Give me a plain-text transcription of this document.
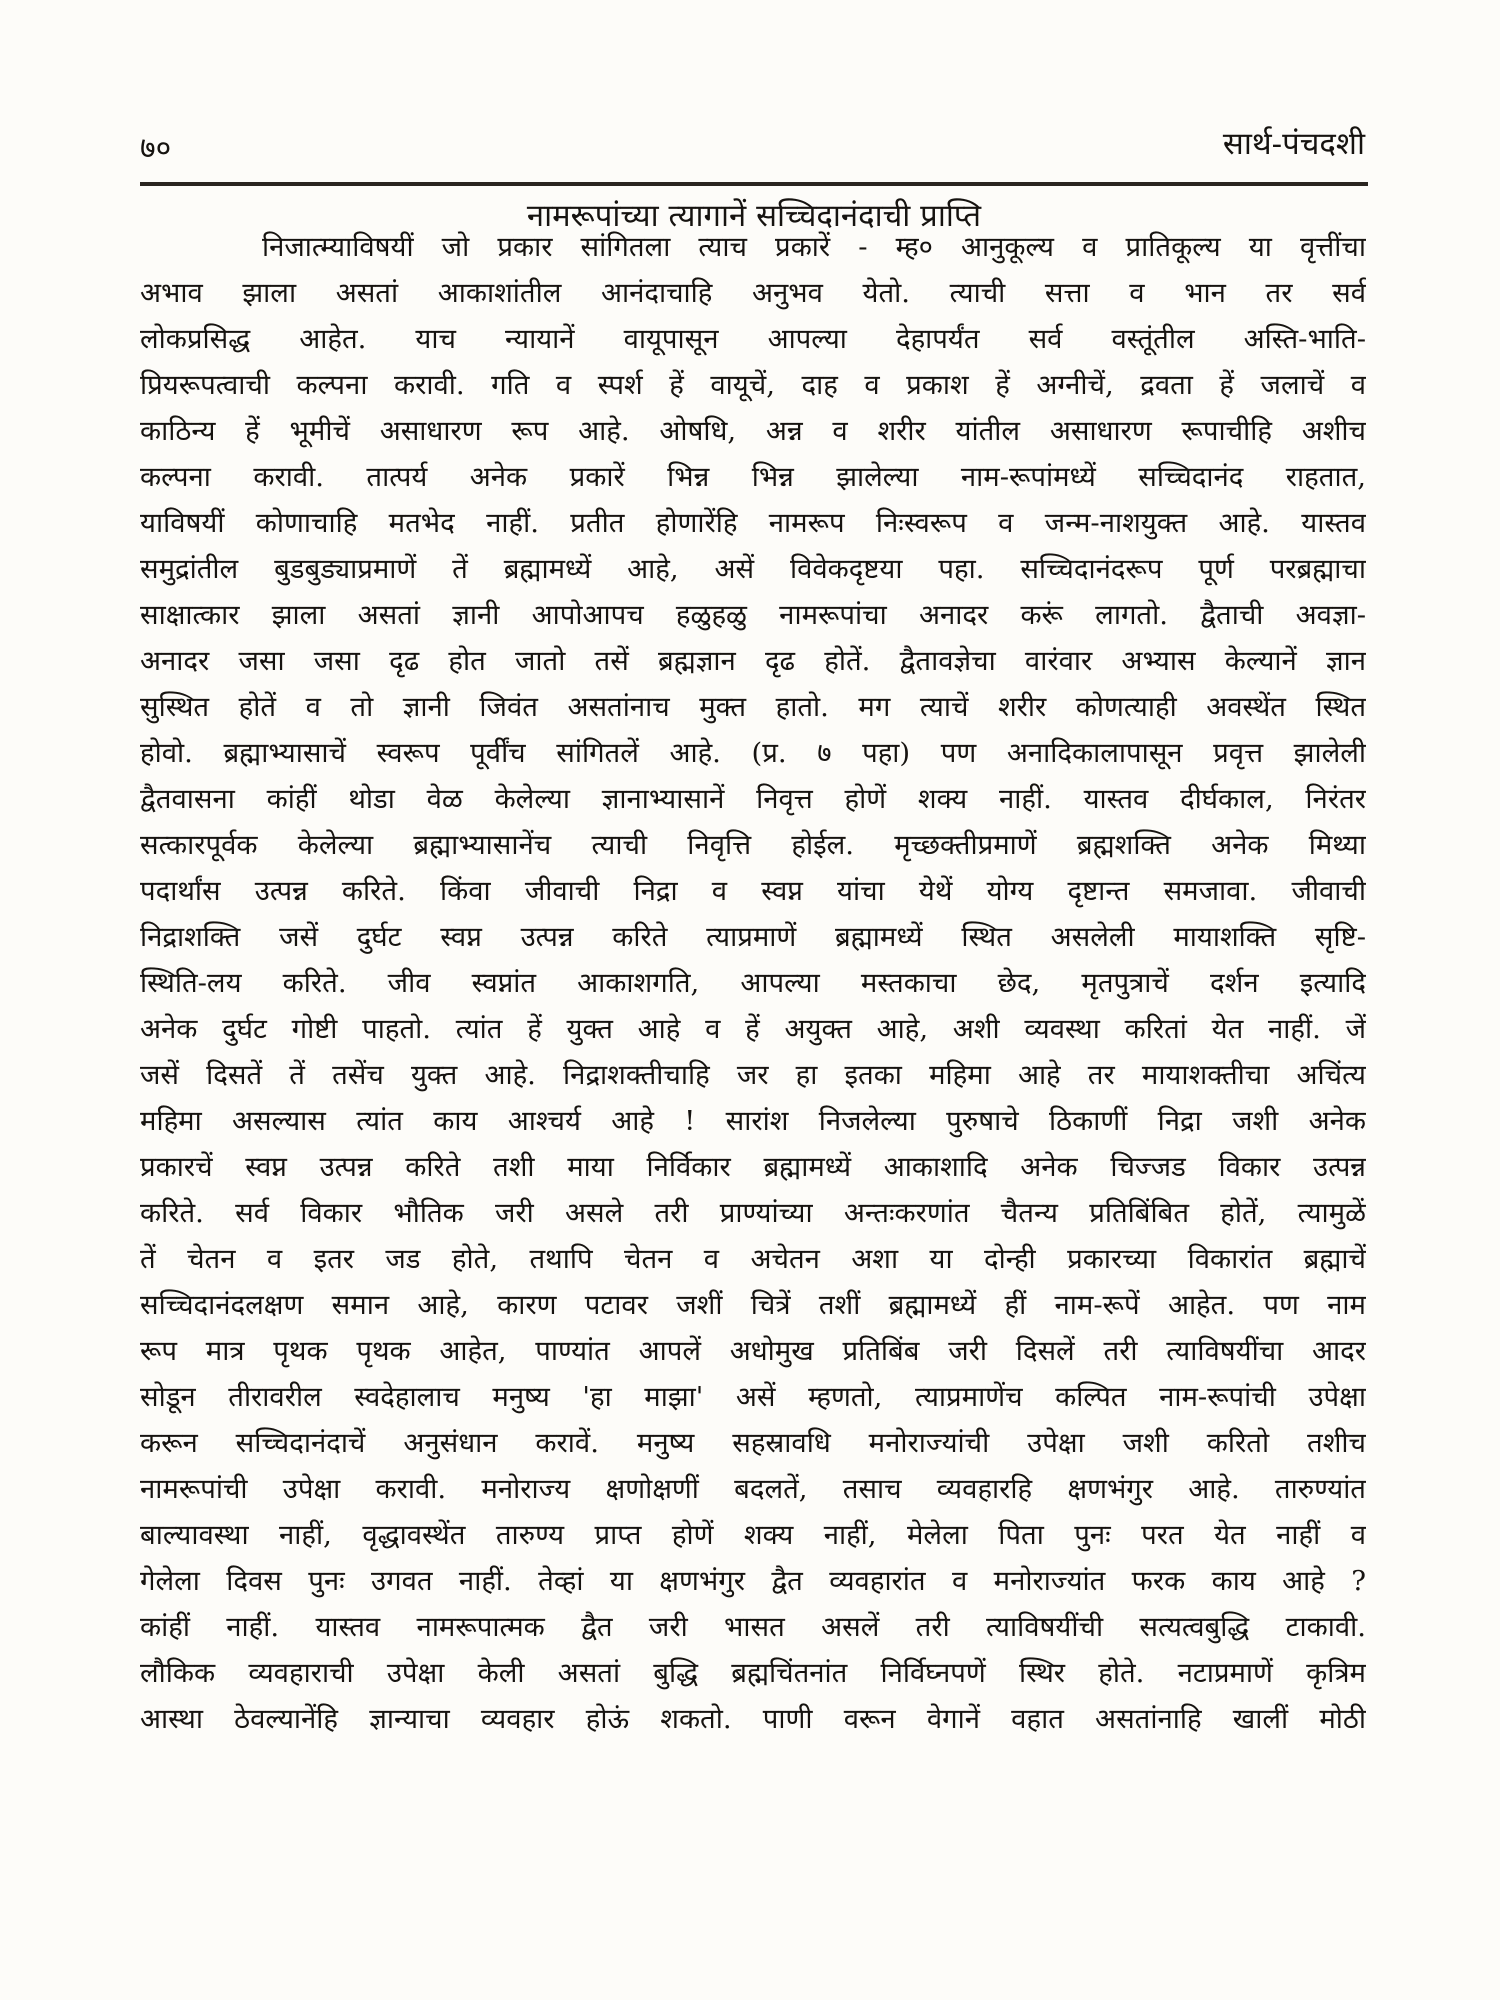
७०	सार्थ-पंचदशी
नामरूपांच्या त्यागानें सच्चिदानंदाची प्राप्ति
निजात्म्याविषयीं जो प्रकार सांगितला त्याच प्रकारें - म्ह० आनुकूल्य व प्रातिकूल्य या वृत्तींचा
अभाव झाला असतां आकाशांतील आनंदाचाहि अनुभव येतो. त्याची सत्ता व भान तर सर्व
लोकप्रसिद्ध आहेत. याच न्यायानें वायूपासून आपल्या देहापर्यंत सर्व वस्तूंतील अस्ति-भाति-
प्रियरूपत्वाची कल्पना करावी. गति व स्पर्श हें वायूचें, दाह व प्रकाश हें अग्नीचें, द्रवता हें जलाचें व
काठिन्य हें भूमीचें असाधारण रूप आहे. ओषधि, अन्न व शरीर यांतील असाधारण रूपाचीहि अशीच
कल्पना करावी. तात्पर्य अनेक प्रकारें भिन्न भिन्न झालेल्या नाम-रूपांमध्यें सच्चिदानंद राहतात,
याविषयीं कोणाचाहि मतभेद नाहीं. प्रतीत होणारेंहि नामरूप निःस्वरूप व जन्म-नाशयुक्त आहे. यास्तव
समुद्रांतील बुडबुड्याप्रमाणें तें ब्रह्मामध्यें आहे, असें विवेकदृष्टया पहा. सच्चिदानंदरूप पूर्ण परब्रह्माचा
साक्षात्कार झाला असतां ज्ञानी आपोआपच हळुहळु नामरूपांचा अनादर करूं लागतो. द्वैताची अवज्ञा-
अनादर जसा जसा दृढ होत जातो तसें ब्रह्मज्ञान दृढ होतें. द्वैतावज्ञेचा वारंवार अभ्यास केल्यानें ज्ञान
सुस्थित होतें व तो ज्ञानी जिवंत असतांनाच मुक्त हातो. मग त्याचें शरीर कोणत्याही अवस्थेंत स्थित
होवो. ब्रह्माभ्यासाचें स्वरूप पूर्वींच सांगितलें आहे. (प्र. ७ पहा) पण अनादिकालापासून प्रवृत्त झालेली
द्वैतवासना कांहीं थोडा वेळ केलेल्या ज्ञानाभ्यासानें निवृत्त होणें शक्य नाहीं. यास्तव दीर्घकाल, निरंतर
सत्कारपूर्वक केलेल्या ब्रह्माभ्यासानेंच त्याची निवृत्ति होईल. मृच्छक्तीप्रमाणें ब्रह्मशक्ति अनेक मिथ्या
पदार्थांस उत्पन्न करिते. किंवा जीवाची निद्रा व स्वप्न यांचा येथें योग्य दृष्टान्त समजावा. जीवाची
निद्राशक्ति जसें दुर्घट स्वप्न उत्पन्न करिते त्याप्रमाणें ब्रह्मामध्यें स्थित असलेली मायाशक्ति सृष्टि-
स्थिति-लय करिते. जीव स्वप्नांत आकाशगति, आपल्या मस्तकाचा छेद, मृतपुत्राचें दर्शन इत्यादि
अनेक दुर्घट गोष्टी पाहतो. त्यांत हें युक्त आहे व हें अयुक्त आहे, अशी व्यवस्था करितां येत नाहीं. जें
जसें दिसतें तें तसेंच युक्त आहे. निद्राशक्तीचाहि जर हा इतका महिमा आहे तर मायाशक्तीचा अचिंत्य
महिमा असल्यास त्यांत काय आश्चर्य आहे ! सारांश निजलेल्या पुरुषाचे ठिकाणीं निद्रा जशी अनेक
प्रकारचें स्वप्न उत्पन्न करिते तशी माया निर्विकार ब्रह्मामध्यें आकाशादि अनेक चिज्जड विकार उत्पन्न
करिते. सर्व विकार भौतिक जरी असले तरी प्राण्यांच्या अन्तःकरणांत चैतन्य प्रतिबिंबित होतें, त्यामुळें
तें चेतन व इतर जड होते, तथापि चेतन व अचेतन अशा या दोन्ही प्रकारच्या विकारांत ब्रह्माचें
सच्चिदानंदलक्षण समान आहे, कारण पटावर जशीं चित्रें तशीं ब्रह्मामध्यें हीं नाम-रूपें आहेत. पण नाम
रूप मात्र पृथक पृथक आहेत, पाण्यांत आपलें अधोमुख प्रतिबिंब जरी दिसलें तरी त्याविषयींचा आदर
सोडून तीरावरील स्वदेहालाच मनुष्य 'हा माझा' असें म्हणतो, त्याप्रमाणेंच कल्पित नाम-रूपांची उपेक्षा
करून सच्चिदानंदाचें अनुसंधान करावें. मनुष्य सहस्रावधि मनोराज्यांची उपेक्षा जशी करितो तशीच
नामरूपांची उपेक्षा करावी. मनोराज्य क्षणोक्षणीं बदलतें, तसाच व्यवहारहि क्षणभंगुर आहे. तारुण्यांत
बाल्यावस्था नाहीं, वृद्धावस्थेंत तारुण्य प्राप्त होणें शक्य नाहीं, मेलेला पिता पुनः परत येत नाहीं व
गेलेला दिवस पुनः उगवत नाहीं. तेव्हां या क्षणभंगुर द्वैत व्यवहारांत व मनोराज्यांत फरक काय आहे ?
कांहीं नाहीं. यास्तव नामरूपात्मक द्वैत जरी भासत असलें तरी त्याविषयींची सत्यत्वबुद्धि टाकावी.
लौकिक व्यवहाराची उपेक्षा केली असतां बुद्धि ब्रह्मचिंतनांत निर्विघ्नपणें स्थिर होते. नटाप्रमाणें कृत्रिम
आस्था ठेवल्यानेंहि ज्ञान्याचा व्यवहार होऊं शकतो. पाणी वरून वेगानें वहात असतांनाहि खालीं मोठी
